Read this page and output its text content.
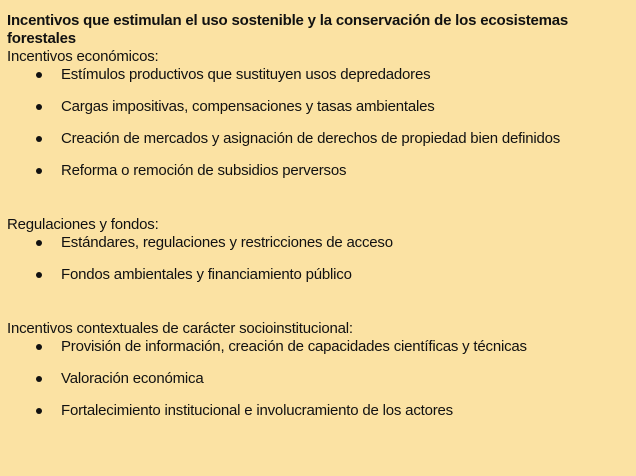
Incentivos que estimulan el uso sostenible y la conservación de los ecosistemas forestales

Incentivos económicos:

Estímulos productivos que sustituyen usos depredadores
Cargas impositivas, compensaciones y tasas ambientales
Creación de mercados y asignación de derechos de propiedad bien definidos
Reforma o remoción de subsidios perversos

Regulaciones y fondos:

Estándares, regulaciones y restricciones de acceso
Fondos ambientales y financiamiento público

Incentivos contextuales de carácter socioinstitucional:

Provisión de información, creación de capacidades científicas y técnicas
Valoración económica
Fortalecimiento institucional e involucramiento de los actores
